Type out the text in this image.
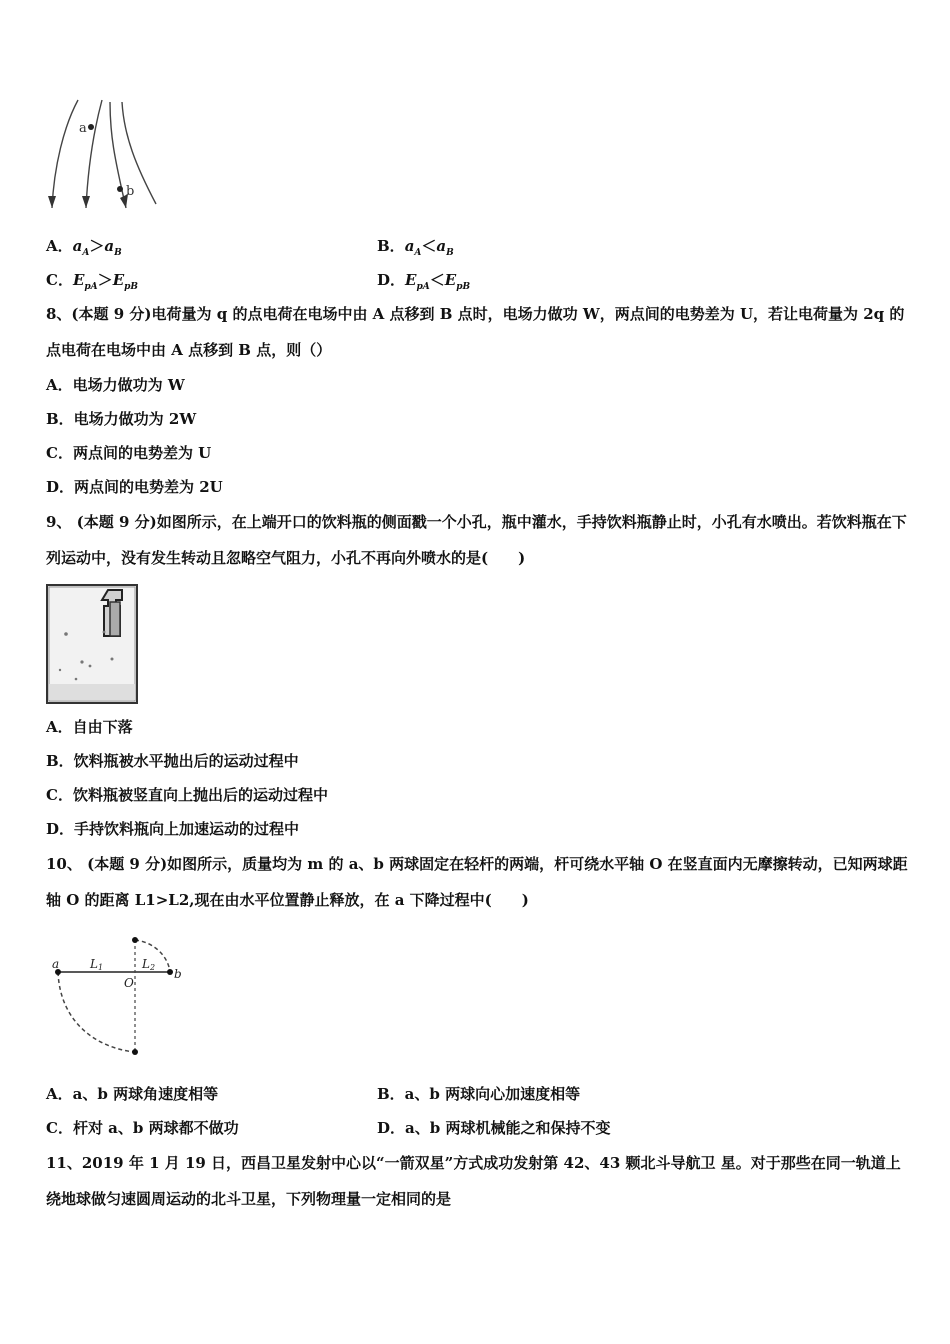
a
b
A．$a_A>a_B$	B．$a_A<a_B$
C．$E_{pA}>E_{pB}$	D．$E_{pA}<E_{pB}$
8、(本题 9 分)电荷量为 q 的点电荷在电场中由 A 点移到 B 点时，电场力做功 W，两点间的电势差为 U，若让电荷量为 2q 的点电荷在电场中由 A 点移到 B 点，则（）
A．电场力做功为 W
B．电场力做功为 2W
C．两点间的电势差为 U
D．两点间的电势差为 2U
9、 (本题 9 分)如图所示，在上端开口的饮料瓶的侧面戳一个小孔，瓶中灌水，手持饮料瓶静止时，小孔有水喷出。若饮料瓶在下列运动中，没有发生转动且忽略空气阻力，小孔不再向外喷水的是(　　)
A．自由下落
B．饮料瓶被水平抛出后的运动过程中
C．饮料瓶被竖直向上抛出后的运动过程中
D．手持饮料瓶向上加速运动的过程中
10、 (本题 9 分)如图所示，质量均为 m 的 a、b 两球固定在轻杆的两端，杆可绕水平轴 O 在竖直面内无摩擦转动，已知两球距轴 O 的距离 L1>L2,现在由水平位置静止释放，在 a 下降过程中(　　)
a
b
O
L1	L2
A．a、b 两球角速度相等	B．a、b 两球向心加速度相等
C．杆对 a、b 两球都不做功	D．a、b 两球机械能之和保持不变
11、2019 年 1 月 19 日，西昌卫星发射中心以“一箭双星”方式成功发射第 42、43 颗北斗导航卫 星。对于那些在同一轨道上绕地球做匀速圆周运动的北斗卫星，下列物理量一定相同的是
